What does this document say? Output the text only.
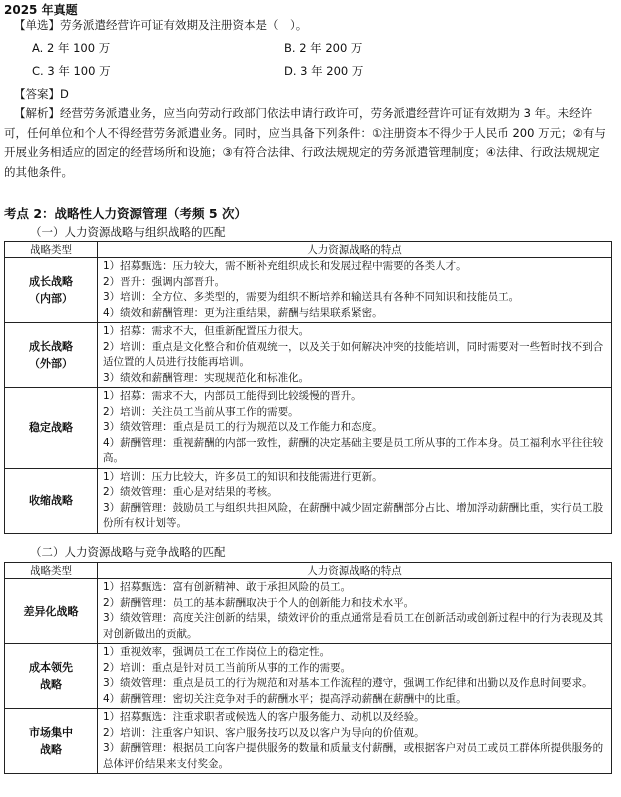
2025 年真题
【单选】劳务派遣经营许可证有效期及注册资本是（　）。
A. 2 年 100 万	B. 2 年 200 万
C. 3 年 100 万	D. 3 年 200 万
【答案】D
【解析】经营劳务派遣业务，应当向劳动行政部门依法申请行政许可，劳务派遣经营许可证有效期为 3 年。未经许可，任何单位和个人不得经营劳务派遣业务。同时，应当具备下列条件：①注册资本不得少于人民币 200 万元；②有与开展业务相适应的固定的经营场所和设施；③有符合法律、行政法规规定的劳务派遣管理制度；④法律、行政法规规定的其他条件。
考点 2：战略性人力资源管理（考频 5 次）
（一）人力资源战略与组织战略的匹配
战略类型	人力资源战略的特点

成长战略
（内部）	1）招募甄选：压力较大，需不断补充组织成长和发展过程中需要的各类人才。
2）晋升：强调内部晋升。
3）培训：全方位、多类型的，需要为组织不断培养和输送具有各种不同知识和技能员工。
4）绩效和薪酬管理：更为注重结果，薪酬与结果联系紧密。

成长战略
（外部）	1）招募：需求不大，但重新配置压力很大。
2）培训：重点是文化整合和价值观统一，以及关于如何解决冲突的技能培训，同时需要对一些暂时找不到合适位置的人员进行技能再培训。
3）绩效和薪酬管理：实现规范化和标准化。

稳定战略	1）招募：需求不大，内部员工能得到比较缓慢的晋升。
2）培训：关注员工当前从事工作的需要。
3）绩效管理：重点是员工的行为规范以及工作能力和态度。
4）薪酬管理：重视薪酬的内部一致性，薪酬的决定基础主要是员工所从事的工作本身。员工福利水平往往较高。

收缩战略	1）培训：压力比较大，许多员工的知识和技能需进行更新。
2）绩效管理：重心是对结果的考核。
3）薪酬管理：鼓励员工与组织共担风险，在薪酬中减少固定薪酬部分占比、增加浮动薪酬比重，实行员工股份所有权计划等。
（二）人力资源战略与竞争战略的匹配
战略类型	人力资源战略的特点

差异化战略	1）招募甄选：富有创新精神、敢于承担风险的员工。
2）薪酬管理：员工的基本薪酬取决于个人的创新能力和技术水平。
3）绩效管理：高度关注创新的结果，绩效评价的重点通常是看员工在创新活动或创新过程中的行为表现及其对创新做出的贡献。

成本领先
战略	1）重视效率，强调员工在工作岗位上的稳定性。
2）培训：重点是针对员工当前所从事的工作的需要。
3）绩效管理：重点是员工的行为规范和对基本工作流程的遵守，强调工作纪律和出勤以及作息时间要求。
4）薪酬管理：密切关注竞争对手的薪酬水平；提高浮动薪酬在薪酬中的比重。

市场集中
战略	1）招募甄选：注重求职者或候选人的客户服务能力、动机以及经验。
2）培训：注重客户知识、客户服务技巧以及以客户为导向的价值观。
3）薪酬管理：根据员工向客户提供服务的数量和质量支付薪酬，或根据客户对员工或员工群体所提供服务的总体评价结果来支付奖金。
